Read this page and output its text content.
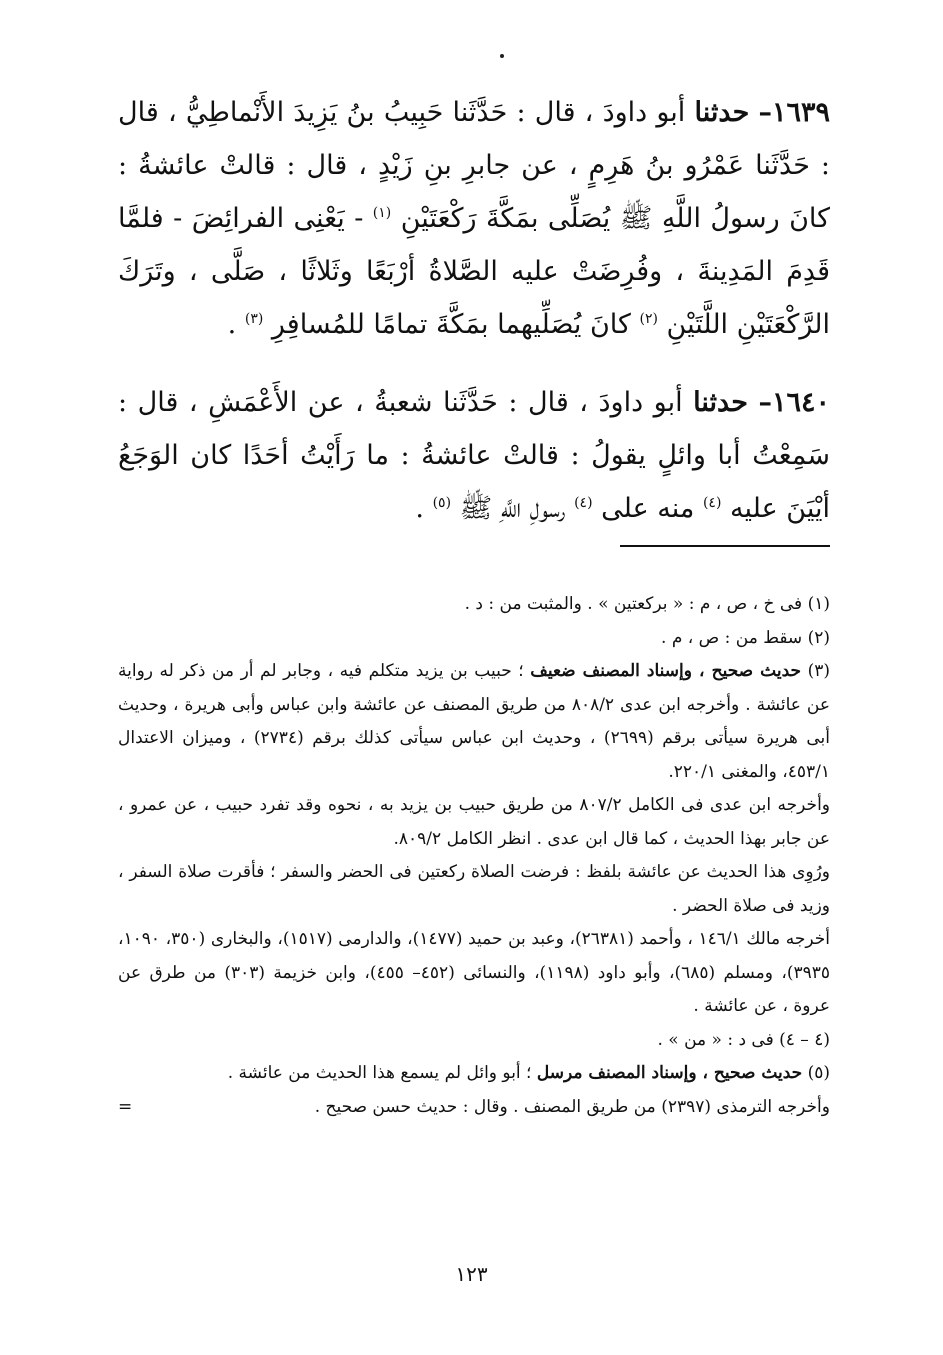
١٦٣٩– حدثنا أبو داودَ ، قال : حَدَّثَنا حَبِيبُ بنُ يَزِيدَ الأَنْماطِيُّ ، قال : حَدَّثَنا عَمْرُو بنُ هَرِمٍ ، عن جابرِ بنِ زَيْدٍ ، قال : قالتْ عائشةُ : كانَ رسولُ اللَّهِ ﷺ يُصَلِّى بمَكَّةَ رَكْعَتَيْنِ $^{(١)}$ - يَعْنِى الفرائِضَ - فلمَّا قَدِمَ المَدِينةَ ، وفُرِضَتْ عليه الصَّلاةُ أرْبَعًا وثَلاثًا ، صَلَّى ، وتَرَكَ الرَّكْعَتَيْنِ اللَّتَيْنِ $^{(٢)}$ كانَ يُصَلِّيهما بمَكَّةَ تمامًا للمُسافِرِ $^{(٣)}$ .
١٦٤٠– حدثنا أبو داودَ ، قال : حَدَّثَنا شعبةُ ، عن الأَعْمَشِ ، قال : سَمِعْتُ أبا وائلٍ يقولُ : قالتْ عائشةُ : ما رَأَيْتُ أحَدًا كان الوَجَعُ أيْيَنَ عليه $^{(٤)}$ منه على $^{(٤)}$ رسولِ اللَّهِ ﷺ $^{(٥)}$ .

(١) فى خ ، ص ، م : « بركعتين » . والمثبت من : د .

(٢) سقط من : ص ، م .

(٣) حديث صحيح ، وإسناد المصنف ضعيف ؛ حبيب بن يزيد متكلم فيه ، وجابر لم أر من ذكر له رواية عن عائشة . وأخرجه ابن عدى ٨٠٨/٢ من طريق المصنف عن عائشة وابن عباس وأبى هريرة ، وحديث أبى هريرة سيأتى برقم (٢٦٩٩) ، وحديث ابن عباس سيأتى كذلك برقم (٢٧٣٤) ، وميزان الاعتدال ٤٥٣/١، والمغنى ٢٢٠/١.

وأخرجه ابن عدى فى الكامل ٨٠٧/٢ من طريق حبيب بن يزيد به ، نحوه وقد تفرد حبيب ، عن عمرو ، عن جابر بهذا الحديث ، كما قال ابن عدى . انظر الكامل ٨٠٩/٢.

ورُوِى هذا الحديث عن عائشة بلفظ : فرضت الصلاة ركعتين فى الحضر والسفر ؛ فأقرت صلاة السفر ، وزيد فى صلاة الحضر .

أخرجه مالك ١٤٦/١ ، وأحمد (٢٦٣٨١)، وعبد بن حميد (١٤٧٧)، والدارمى (١٥١٧)، والبخارى (٣٥٠، ١٠٩٠، ٣٩٣٥)، ومسلم (٦٨٥)، وأبو داود (١١٩٨)، والنسائى (٤٥٢– ٤٥٥)، وابن خزيمة (٣٠٣) من طرق عن عروة ، عن عائشة .

(٤ – ٤) فى د : « من » .

(٥) حديث صحيح ، وإسناد المصنف مرسل ؛ أبو وائل لم يسمع هذا الحديث من عائشة .

وأخرجه الترمذى (٢٣٩٧) من طريق المصنف . وقال : حديث حسن صحيح .
=

١٢٣
